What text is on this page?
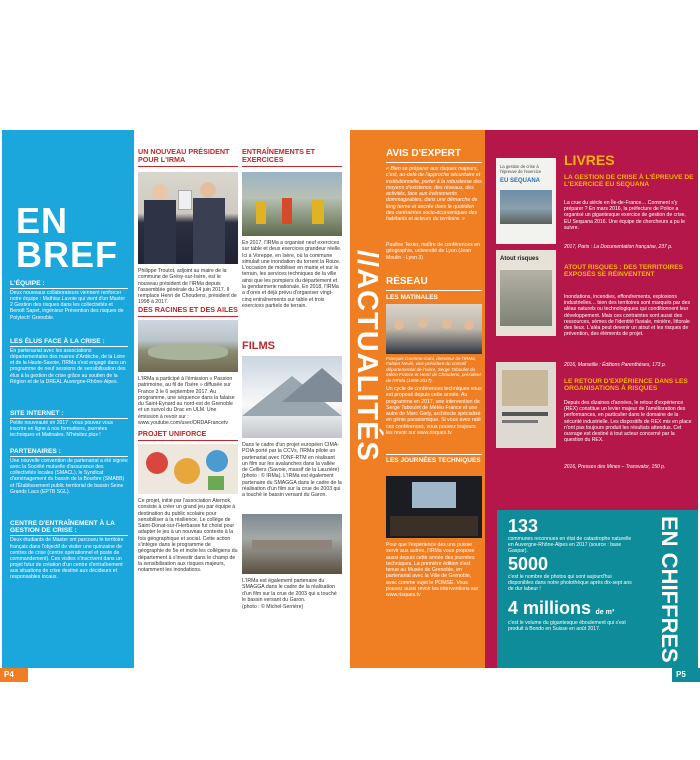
EN BREF
L'ÉQUIPE :
Deux nouveaux collaborateurs viennent renforcer notre équipe : Mathias Lavoie qui vient d'un Master 2 Gestion des risques dans les collectivités et Benoît Sapet, ingénieur Prévention des risques de Polytech' Grenoble.
LES ÉLUS FACE À LA CRISE :
En partenariat avec les associations départementales des maires d'Ardèche, de la Loire et de la Haute-Savoie, l'IRMa s'est engagé dans un programme de neuf sessions de sensibilisation des élus à la gestion de crise grâce au soutien de la Région et de la DREAL Auvergne-Rhône-Alpes.
SITE INTERNET :
Petite nouveauté en 2017 : vous pouvez vous inscrire en ligne à nos formations, journées techniques et Matinales. N'hésitez plus !
PARTENAIRES :
Une nouvelle convention de partenariat a été signée avec la Société mutuelle d'assurance des collectivités locales (SMACL), le Syndicat d'aménagement du bassin de la Bourbre (SMABB) et l'Établissement public territorial de bassin Seine Grands Lacs (EPTB SGL).
CENTRE D'ENTRAÎNEMENT À LA GESTION DE CRISE :
Deux étudiants de Master ont parcouru le territoire français dans l'objectif de visiter une quinzaine de centres de crise (centre opérationnel et poste de commandement). Ces visites s'inscrivent dans un projet futur de création d'un centre d'entraînement aux situations de crise destiné aux décideurs et responsables locaux.
P4
UN NOUVEAU PRÉSIDENT POUR L'IRMA
Philippe Troutot, adjoint au maire de la commune de Grésy-sur-Isère, est le nouveau président de l'IRMa depuis l'assemblée générale du 14 juin 2017. Il remplace Henri de Choudens, président de 1998 à 2017.
DES RACINES ET DES AILES
L'IRMa a participé à l'émission « Passion patrimoine, au fil de l'Isère » diffusée sur France 3 le 6 septembre 2017. Au programme, une séquence dans la falaise du Saint-Eynard au nord-est de Grenoble et un survol du Drac en ULM. Une émission à revoir sur : www.youtube.com/user/DRDAFrancetv
PROJET UNIFORCE
Ce projet, initié par l'association Aternok, consiste à créer un grand jeu par équipe à destination du public scolaire pour sensibiliser à la résilience. Le collège de Saint-Donat-sur-l'Herbasse fut choisi pour adapter le jeu à un nouveau contexte à la fois géographique et social. Cette action s'intègre dans le programme de géographie de 5e et incite les collégiens du département à s'investir dans le champ de la sensibilisation aux risques majeurs, notamment les inondations.
ENTRAÎNEMENTS ET EXERCICES
En 2017, l'IRMa a organisé neuf exercices sur table et deux exercices grandeur réelle. Ici à Voreppe, en Isère, où la commune simulait une inondation du torrent la Roize. L'occasion de mobiliser en mairie et sur le terrain, les services techniques de la ville ainsi que les pompiers du département et la gendarmerie nationale. En 2018, l'IRMa a d'ores et déjà prévu d'organiser vingt-cinq entraînements sur table et trois exercices partiels de terrain.
FILMS
Dans le cadre d'un projet européen CIMA-POIA porté par la CCVs, l'IRMa pilote un partenariat avec l'ONF-RTM en réalisant un film sur les avalanches dans la vallée de Celliers (Savoie, massif de la Lauzière) (photo : © IRMa). L'IRMa est également partenaire du SMAGGA dans le cadre de la réalisation d'un film sur la crue de 2003 qui a touché le bassin versant du Garon.
L'IRMa est également partenaire du SMAGGA dans le cadre de la réalisation d'un film sur la crue de 2003 qui a touché le bassin versant du Garon.
(photo : © Michel-Serrière)
//ACTUALITÉS
AVIS D'EXPERT
« Bien se préparer aux risques majeurs, c'est, au-delà de l'approche sécuritaire et institutionnelle, porter à la robustesse des moyens d'existence, des réseaux, des activités, face aux événements dommageables, dans une démarche de long terme et ancrée dans le quotidien des contraintes socio-économiques des habitants et acteurs du territoire. »
Pauline Texier, maître de conférences en géographie, université de Lyon (Jean Moulin - Lyon 3)
RÉSEAU
LES MATINALES
François Gaonmo-Gani, directeur de l'IRMa, Fabien Nevié, vice-président du conseil départemental de l'Isère, Serge Taboulet du Métro France et Henri de Choudens, président de l'IRMa (1998-2017).
Un cycle de conférences techniques vous est proposé depuis cette année. Au programme en 2017, une intervention de Serge Taboulet de Météo France et une autre de Marc Giely, architecte spécialisé en génie parasismique. Si vous avez raté ces conférences, vous pouvez toujours les revoir sur www.risques.tv
LES JOURNÉES TECHNIQUES
Pour que l'expérience des uns puisse servir aux autres, l'IRMa vous propose aussi depuis cette année des journées techniques. La première édition s'est tenue au Musée de Grenoble, en partenariat avec la Ville de Grenoble, avec comme sujet le POMSE. Vous pouvez aussi revoir les interventions sur www.risques.tv
La gestion de crise à l'épreuve de l'exercice
EU SEQUANA
Atout risques
LIVRES
LA GESTION DE CRISE À L'ÉPREUVE DE L'EXERCICE EU SEQUANA
La crue du siècle en Île-de-France… Comment s'y préparer ? En mars 2016, la préfecture de Police a organisé un gigantesque exercice de gestion de crise, EU Sequana 2016. Une équipe de chercheurs a pu le suivre.
2017, Paris : La Documentation française, 237 p.
ATOUT RISQUES : DES TERRITOIRES EXPOSÉS SE RÉINVENTENT
Inondations, incendies, effondrements, explosions industrielles… bien des territoires sont marqués par des aléas naturels ou technologiques qui conditionnent leur développement. Mais ces contraintes sont aussi des ressources, sèmes de l'identité fluviale, minière, littorale des lieux. L'aléa peut devenir un atout et les risques de prévention, des éléments de projet.
2016, Marseille : Éditions Parenthèses, 173 p.
LE RETOUR D'EXPÉRIENCE DANS LES ORGANISATIONS À RISQUES
Depuis des dizaines d'années, le retour d'expérience (REX) constitue un levier majeur de l'amélioration des performances, en particulier dans le domaine de la sécurité industrielle. Les dispositifs de REX mis en place n'ont pas toujours produit les résultats attendus. Cet ouvrage est destiné à tout acteur concerné par la question du REX.
2016, Presses des Mines – Transvalor, 150 p.
133
communes reconnues en état de catastrophe naturelle en Auvergne-Rhône-Alpes en 2017 (source : base Gaspar).
5000
c'est le nombre de photos qui sont aujourd'hui disponibles dans notre photothèque après dix-sept ans de dur labeur !
4 millions de m³
c'est le volume du gigantesque éboulement qui s'est produit à Bondo en Suisse en août 2017.	EN CHIFFRES
P5
